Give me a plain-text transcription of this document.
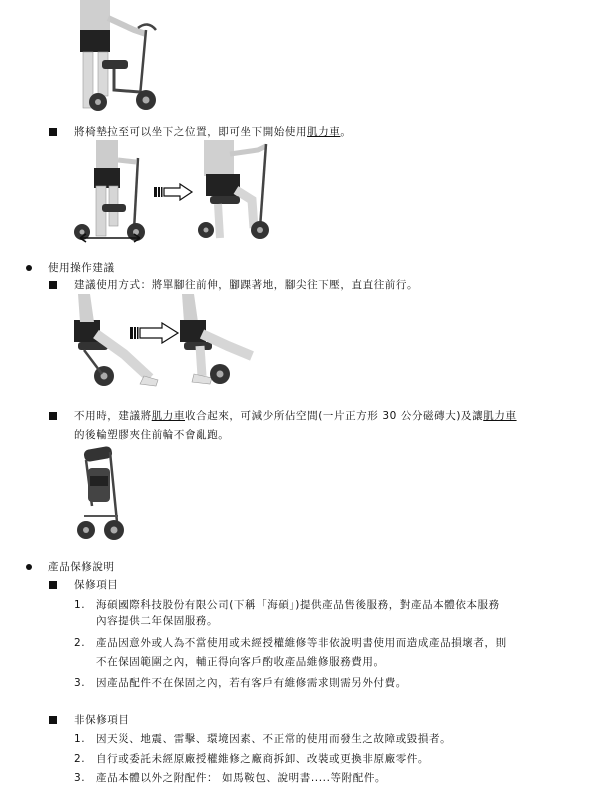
將椅墊拉至可以坐下之位置，即可坐下開始使用肌力車。
使用操作建議
建議使用方式：將單腳往前伸，腳踝著地，腳尖往下壓，直直往前行。
不用時，建議將肌力車收合起來，可減少所佔空間(一片正方形 30 公分磁磚大)及讓肌力車
的後輪塑膠夾住前輪不會亂跑。
產品保修說明
保修項目
1. 海碩國際科技股份有限公司(下稱「海碩」)提供產品售後服務，對產品本體依本服務
內容提供二年保固服務。
2. 產品因意外或人為不當使用或未經授權維修等非依說明書使用而造成產品損壞者，則
不在保固範圍之內，輔正得向客戶酌收產品維修服務費用。
3. 因產品配件不在保固之內，若有客戶有維修需求則需另外付費。
非保修項目
1. 因天災、地震、雷擊、環境因素、不正常的使用而發生之故障或毀損者。
2. 自行或委託未經原廠授權維修之廠商拆卸、改裝或更換非原廠零件。
3. 產品本體以外之附配件： 如馬鞍包、說明書.....等附配件。
